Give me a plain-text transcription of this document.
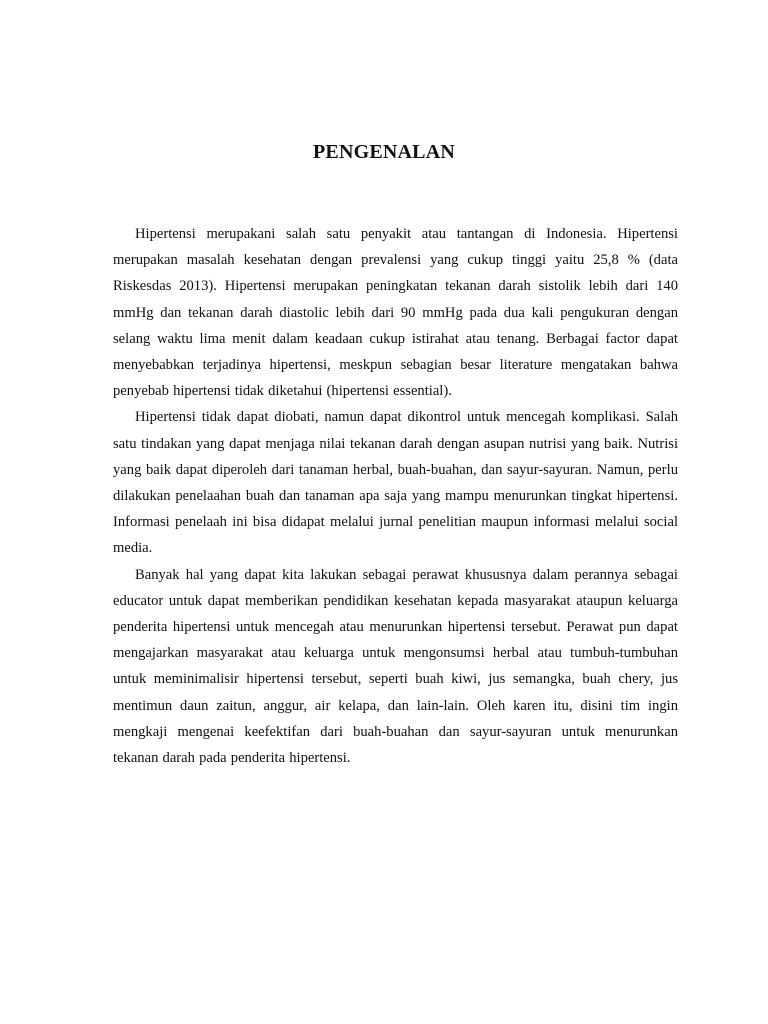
PENGENALAN

Hipertensi merupakani salah satu penyakit atau tantangan di Indonesia. Hipertensi merupakan masalah kesehatan dengan prevalensi yang cukup tinggi yaitu 25,8 % (data Riskesdas 2013). Hipertensi merupakan peningkatan tekanan darah sistolik lebih dari 140 mmHg dan tekanan darah diastolic lebih dari 90 mmHg pada dua kali pengukuran dengan selang waktu lima menit dalam keadaan cukup istirahat atau tenang. Berbagai factor dapat menyebabkan terjadinya hipertensi, meskpun sebagian besar literature mengatakan bahwa penyebab hipertensi tidak diketahui (hipertensi essential).

Hipertensi tidak dapat diobati, namun dapat dikontrol untuk mencegah komplikasi. Salah satu tindakan yang dapat menjaga nilai tekanan darah dengan asupan nutrisi yang baik. Nutrisi yang baik dapat diperoleh dari tanaman herbal, buah-buahan, dan sayur-sayuran. Namun, perlu dilakukan penelaahan buah dan tanaman apa saja yang mampu menurunkan tingkat hipertensi. Informasi penelaah ini bisa didapat melalui jurnal penelitian maupun informasi melalui social media.

Banyak hal yang dapat kita lakukan sebagai perawat khususnya dalam perannya sebagai educator untuk dapat memberikan pendidikan kesehatan kepada masyarakat ataupun keluarga penderita hipertensi untuk mencegah atau menurunkan hipertensi tersebut. Perawat pun dapat mengajarkan masyarakat atau keluarga untuk mengonsumsi herbal atau tumbuh-tumbuhan untuk meminimalisir hipertensi tersebut, seperti buah kiwi, jus semangka, buah chery, jus mentimun daun zaitun, anggur, air kelapa, dan lain-lain. Oleh karen itu, disini tim ingin mengkaji mengenai keefektifan dari buah-buahan dan sayur-sayuran untuk menurunkan tekanan darah pada penderita hipertensi.
